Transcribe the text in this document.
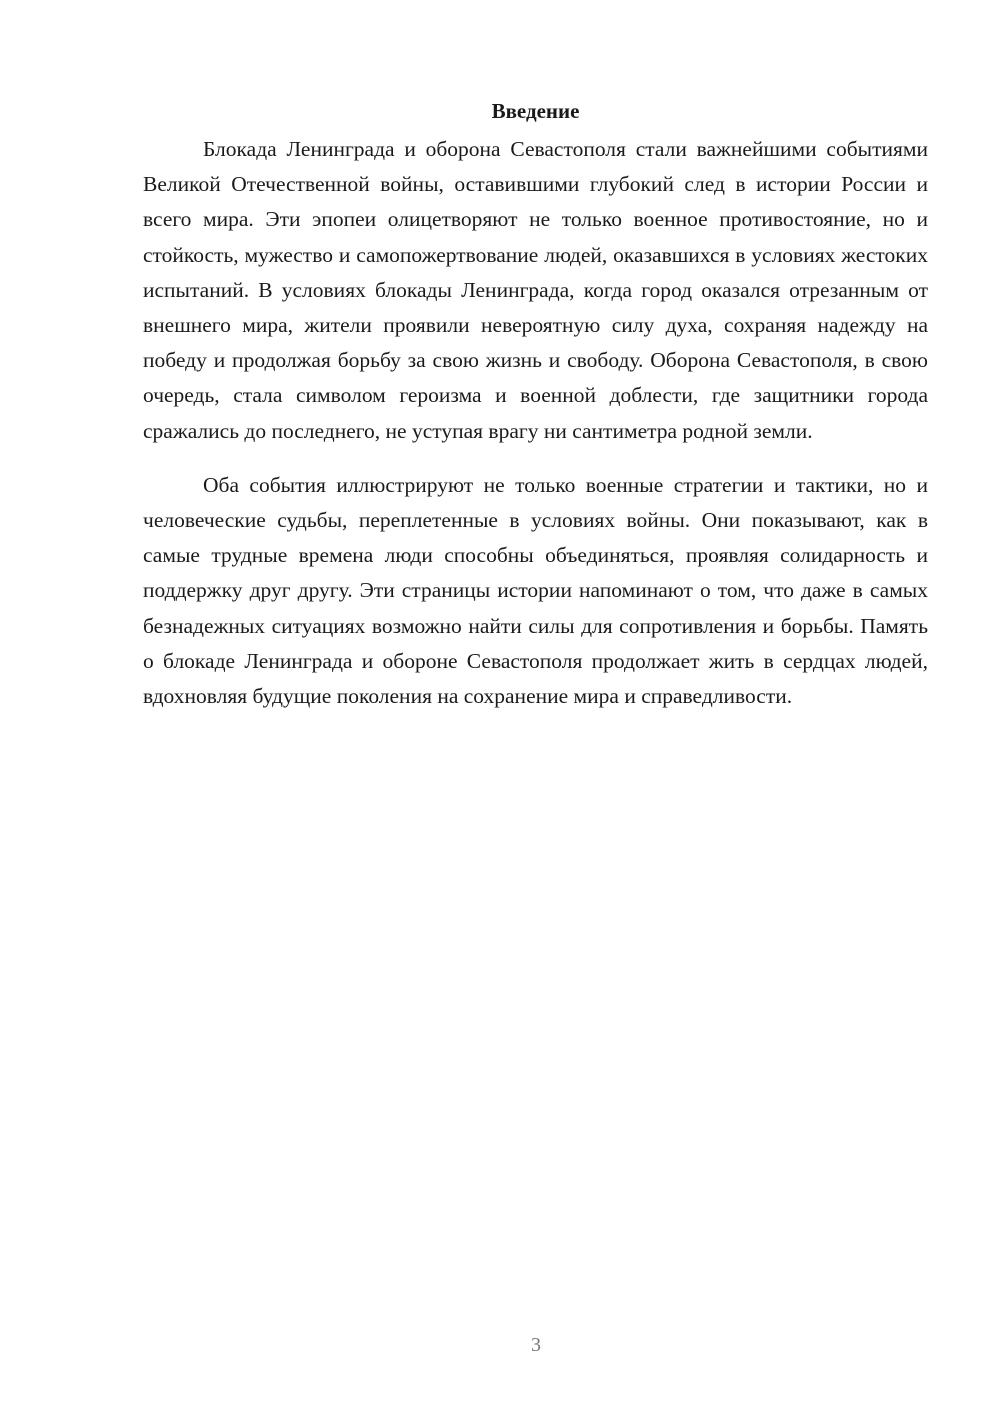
Введение

Блокада Ленинграда и оборона Севастополя стали важнейшими событиями Великой Отечественной войны, оставившими глубокий след в истории России и всего мира. Эти эпопеи олицетворяют не только военное противостояние, но и стойкость, мужество и самопожертвование людей, оказавшихся в условиях жестоких испытаний. В условиях блокады Ленинграда, когда город оказался отрезанным от внешнего мира, жители проявили невероятную силу духа, сохраняя надежду на победу и продолжая борьбу за свою жизнь и свободу. Оборона Севастополя, в свою очередь, стала символом героизма и военной доблести, где защитники города сражались до последнего, не уступая врагу ни сантиметра родной земли.

Оба события иллюстрируют не только военные стратегии и тактики, но и человеческие судьбы, переплетенные в условиях войны. Они показывают, как в самые трудные времена люди способны объединяться, проявляя солидарность и поддержку друг другу. Эти страницы истории напоминают о том, что даже в самых безнадежных ситуациях возможно найти силы для сопротивления и борьбы. Память о блокаде Ленинграда и обороне Севастополя продолжает жить в сердцах людей, вдохновляя будущие поколения на сохранение мира и справедливости.

3
